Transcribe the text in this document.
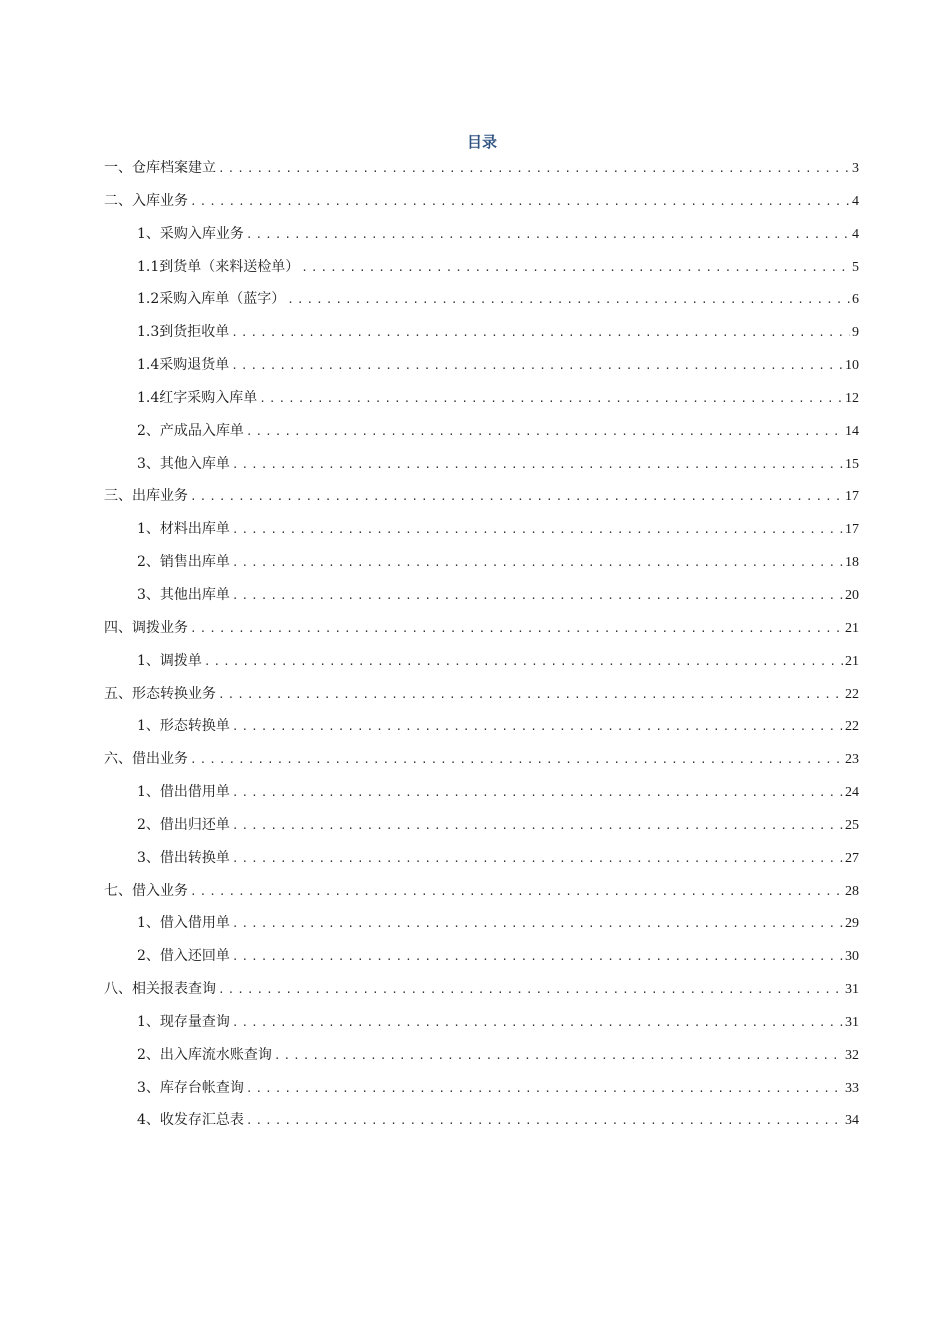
目录
一、仓库档案建立 .....	3
二、入库业务 .....	4
1、采购入库业务 .....	4
1.1到货单（来料送检单） .....	5
1.2采购入库单（蓝字） .....	6
1.3到货拒收单 .....	9
1.4采购退货单 .....	10
1.4红字采购入库单 .....	12
2、产成品入库单 .....	14
3、其他入库单 .....	15
三、出库业务 .....	17
1、材料出库单 .....	17
2、销售出库单 .....	18
3、其他出库单 .....	20
四、调拨业务 .....	21
1、调拨单 .....	21
五、形态转换业务 .....	22
1、形态转换单 .....	22
六、借出业务 .....	23
1、借出借用单 .....	24
2、借出归还单 .....	25
3、借出转换单 .....	27
七、借入业务 .....	28
1、借入借用单 .....	29
2、借入还回单 .....	30
八、相关报表查询 .....	31
1、现存量查询 .....	31
2、出入库流水账查询 .....	32
3、库存台帐查询 .....	33
4、收发存汇总表 .....	34
